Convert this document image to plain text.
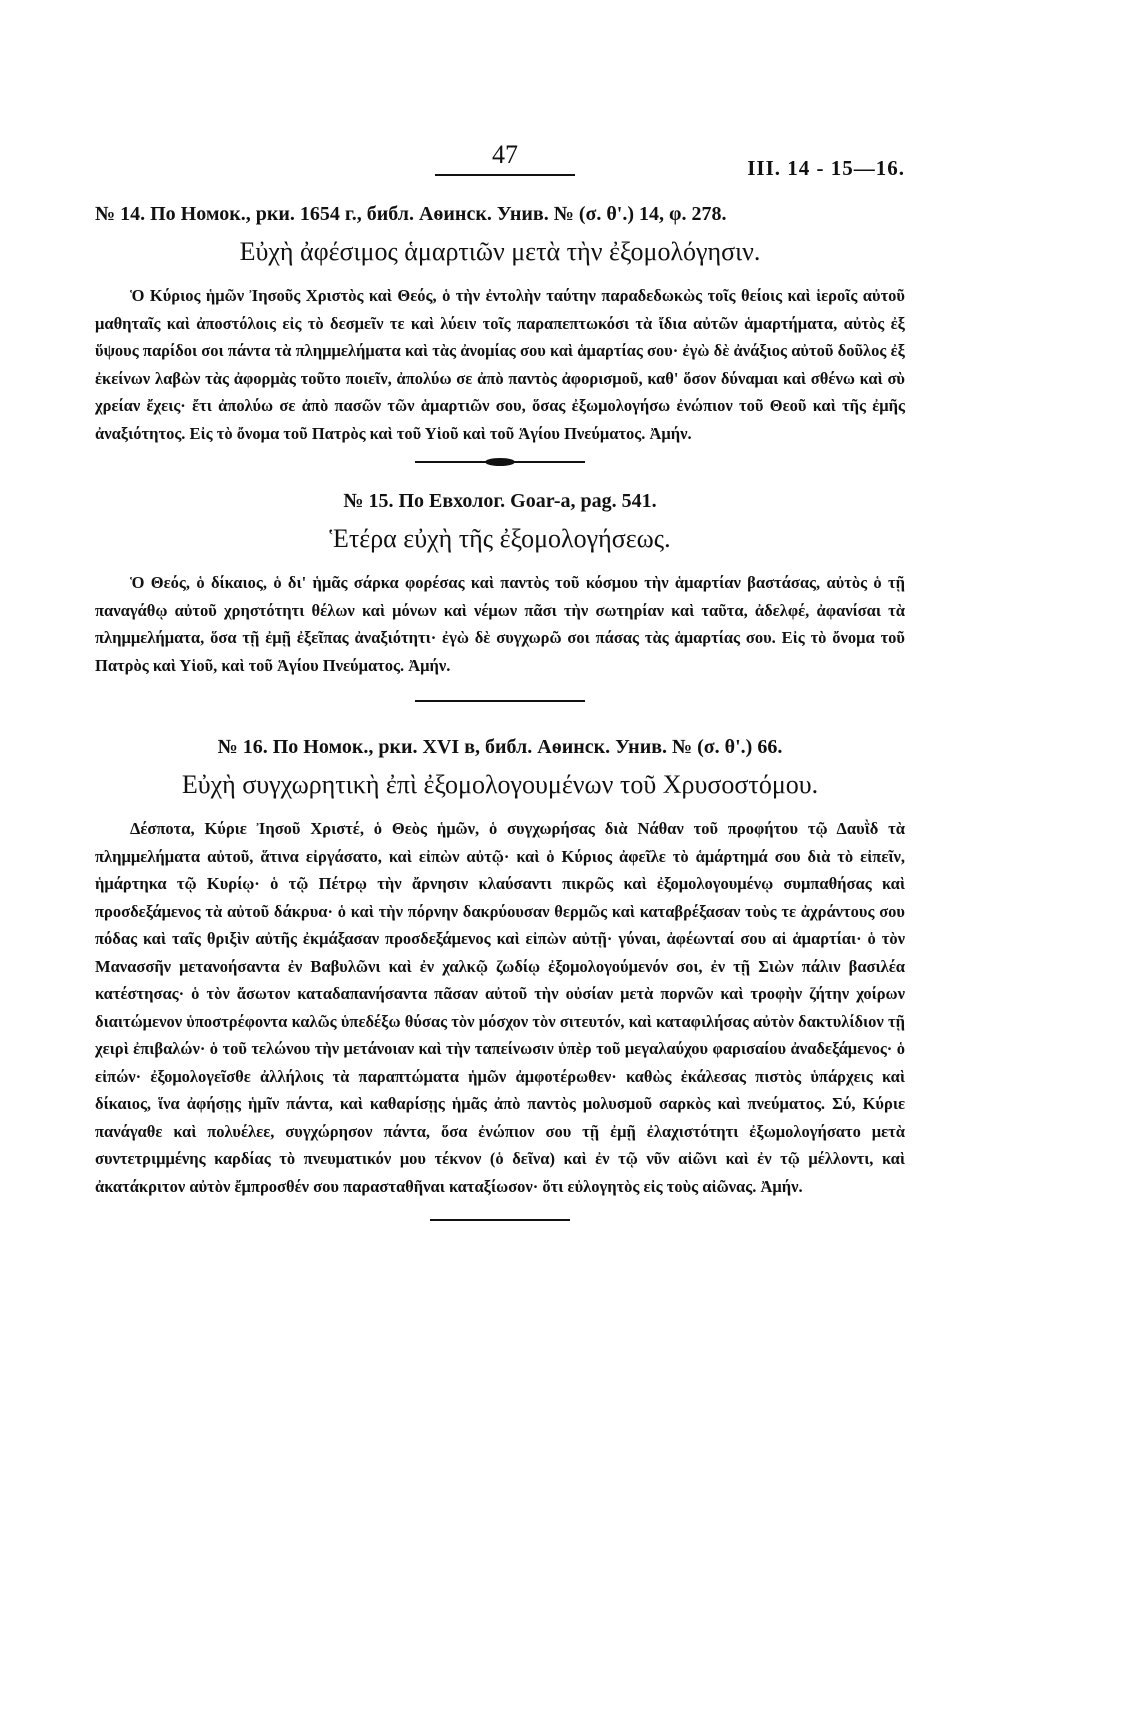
47	III. 14 - 15—16.
№ 14. По Номок., рки. 1654 г., библ. Аѳинск. Унив. № (σ. θ'.) 14, φ. 278.
Εὐχὴ ἀφέσιμος ἁμαρτιῶν μετὰ τὴν ἐξομολόγησιν.

Ὁ Κύριος ἡμῶν Ἰησοῦς Χριστὸς καὶ Θεός, ὁ τὴν ἐντολὴν ταύτην παραδεδωκὼς τοῖς θείοις καὶ ἱεροῖς αὐτοῦ μαθηταῖς καὶ ἀποστόλοις εἰς τὸ δεσμεῖν τε καὶ λύειν τοῖς παραπεπτωκόσι τὰ ἴδια αὐτῶν ἁμαρτήματα, αὐτὸς ἐξ ὕψους παρίδοι σοι πάντα τὰ πλημμελήματα καὶ τὰς ἀνομίας σου καὶ ἁμαρτίας σου· ἐγὼ δὲ ἀνάξιος αὐτοῦ δοῦλος ἐξ ἐκείνων λαβὼν τὰς ἀφορμὰς τοῦτο ποιεῖν, ἀπολύω σε ἀπὸ παντὸς ἀφορισμοῦ, καθ' ὅσον δύναμαι καὶ σθένω καὶ σὺ χρείαν ἔχεις· ἔτι ἀπολύω σε ἀπὸ πασῶν τῶν ἁμαρτιῶν σου, ὅσας ἐξωμολογήσω ἐνώπιον τοῦ Θεοῦ καὶ τῆς ἐμῆς ἀναξιότητος. Εἰς τὸ ὄνομα τοῦ Πατρὸς καὶ τοῦ Υἱοῦ καὶ τοῦ Ἁγίου Πνεύματος. Ἀμήν.

№ 15. По Евхолог. Goar-a, pag. 541.
Ἑτέρα εὐχὴ τῆς ἐξομολογήσεως.

Ὁ Θεός, ὁ δίκαιος, ὁ δι' ἡμᾶς σάρκα φορέσας καὶ παντὸς τοῦ κόσμου τὴν ἁμαρτίαν βαστάσας, αὐτὸς ὁ τῇ παναγάθῳ αὐτοῦ χρηστότητι θέλων καὶ μόνων καὶ νέμων πᾶσι τὴν σωτηρίαν καὶ ταῦτα, ἀδελφέ, ἀφανίσαι τὰ πλημμελήματα, ὅσα τῇ ἐμῇ ἐξεῖπας ἀναξιότητι· ἐγὼ δὲ συγχωρῶ σοι πάσας τὰς ἁμαρτίας σου. Εἰς τὸ ὄνομα τοῦ Πατρὸς καὶ Υἱοῦ, καὶ τοῦ Ἁγίου Πνεύματος. Ἀμήν.

№ 16. По Номок., рки. XVI в, библ. Аѳинск. Унив. № (σ. θ'.) 66.
Εὐχὴ συγχωρητικὴ ἐπὶ ἐξομολογουμένων τοῦ Χρυσοστόμου.

Δέσποτα, Κύριε Ἰησοῦ Χριστέ, ὁ Θεὸς ἡμῶν, ὁ συγχωρήσας διὰ Νάθαν τοῦ προφήτου τῷ Δαυῒδ τὰ πλημμελήματα αὐτοῦ, ἅτινα εἰργάσατο, καὶ εἰπὼν αὐτῷ· καὶ ὁ Κύριος ἀφεῖλε τὸ ἁμάρτημά σου διὰ τὸ εἰπεῖν, ἡμάρτηκα τῷ Κυρίῳ· ὁ τῷ Πέτρῳ τὴν ἄρνησιν κλαύσαντι πικρῶς καὶ ἐξομολογουμένῳ συμπαθήσας καὶ προσδεξάμενος τὰ αὐτοῦ δάκρυα· ὁ καὶ τὴν πόρνην δακρύουσαν θερμῶς καὶ καταβρέξασαν τοὺς τε ἀχράντους σου πόδας καὶ ταῖς θριξὶν αὐτῆς ἐκμάξασαν προσδεξάμενος καὶ εἰπὼν αὐτῇ· γύναι, ἀφέωνταί σου αἱ ἁμαρτίαι· ὁ τὸν Μανασσῆν μετανοήσαντα ἐν Βαβυλῶνι καὶ ἐν χαλκῷ ζωδίῳ ἐξομολογούμενόν σοι, ἐν τῇ Σιὼν πάλιν βασιλέα κατέστησας· ὁ τὸν ἄσωτον καταδαπανήσαντα πᾶσαν αὐτοῦ τὴν οὐσίαν μετὰ πορνῶν καὶ τροφὴν ζήτην χοίρων διαιτώμενον ὑποστρέφοντα καλῶς ὑπεδέξω θύσας τὸν μόσχον τὸν σιτευτόν, καὶ καταφιλήσας αὐτὸν δακτυλίδιον τῇ χειρὶ ἐπιβαλών· ὁ τοῦ τελώνου τὴν μετάνοιαν καὶ τὴν ταπείνωσιν ὑπὲρ τοῦ μεγαλαύχου φαρισαίου ἀναδεξάμενος· ὁ εἰπών· ἐξομολογεῖσθε ἀλλήλοις τὰ παραπτώματα ἡμῶν ἀμφοτέρωθεν· καθὼς ἐκάλεσας πιστὸς ὑπάρχεις καὶ δίκαιος, ἵνα ἀφήσῃς ἡμῖν πάντα, καὶ καθαρίσῃς ἡμᾶς ἀπὸ παντὸς μολυσμοῦ σαρκὸς καὶ πνεύματος. Σύ, Κύριε πανάγαθε καὶ πολυέλεε, συγχώρησον πάντα, ὅσα ἐνώπιον σου τῇ ἐμῇ ἐλαχιστότητι ἐξωμολογήσατο μετὰ συντετριμμένης καρδίας τὸ πνευματικόν μου τέκνον (ὁ δεῖνα) καὶ ἐν τῷ νῦν αἰῶνι καὶ ἐν τῷ μέλλοντι, καὶ ἀκατάκριτον αὐτὸν ἔμπροσθέν σου παρασταθῆναι καταξίωσον· ὅτι εὐλογητὸς εἰς τοὺς αἰῶνας. Ἀμήν.
